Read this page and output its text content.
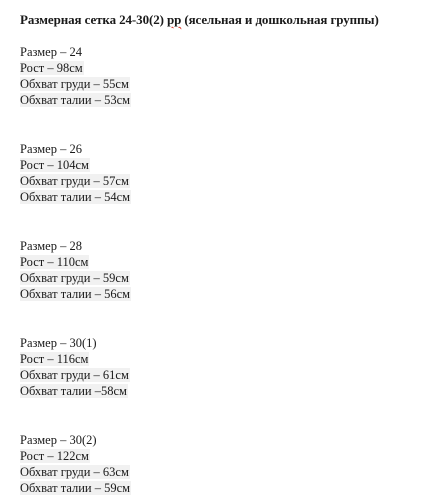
Размерная сетка 24-30(2) рр (ясельная и дошкольная группы)
Размер – 24
Рост – 98см
Обхват груди – 55см
Обхват талии – 53см
Размер – 26
Рост – 104см
Обхват груди – 57см
Обхват талии – 54см
Размер – 28
Рост – 110см
Обхват груди – 59см
Обхват талии – 56см
Размер – 30(1)
Рост – 116см
Обхват груди – 61см
Обхват талии –58см
Размер – 30(2)
Рост – 122см
Обхват груди – 63см
Обхват талии – 59см
